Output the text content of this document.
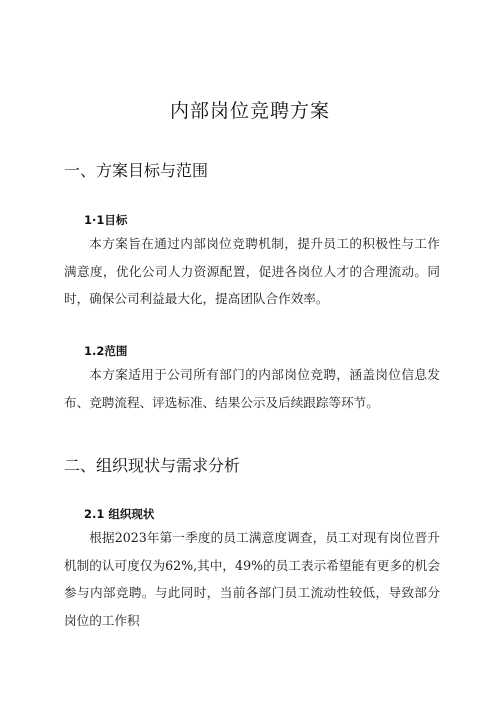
内部岗位竞聘方案
一、方案目标与范围
1·1目标
本方案旨在通过内部岗位竞聘机制，提升员工的积极性与工作满意度，优化公司人力资源配置，促进各岗位人才的合理流动。同时，确保公司利益最大化，提高团队合作效率。
1.2范围
本方案适用于公司所有部门的内部岗位竞聘，涵盖岗位信息发布、竞聘流程、评选标准、结果公示及后续跟踪等环节。
二、组织现状与需求分析
2.1 组织现状
根据2023年第一季度的员工满意度调查，员工对现有岗位晋升机制的认可度仅为62%,其中，49%的员工表示希望能有更多的机会参与内部竞聘。与此同时，当前各部门员工流动性较低，导致部分岗位的工作积
